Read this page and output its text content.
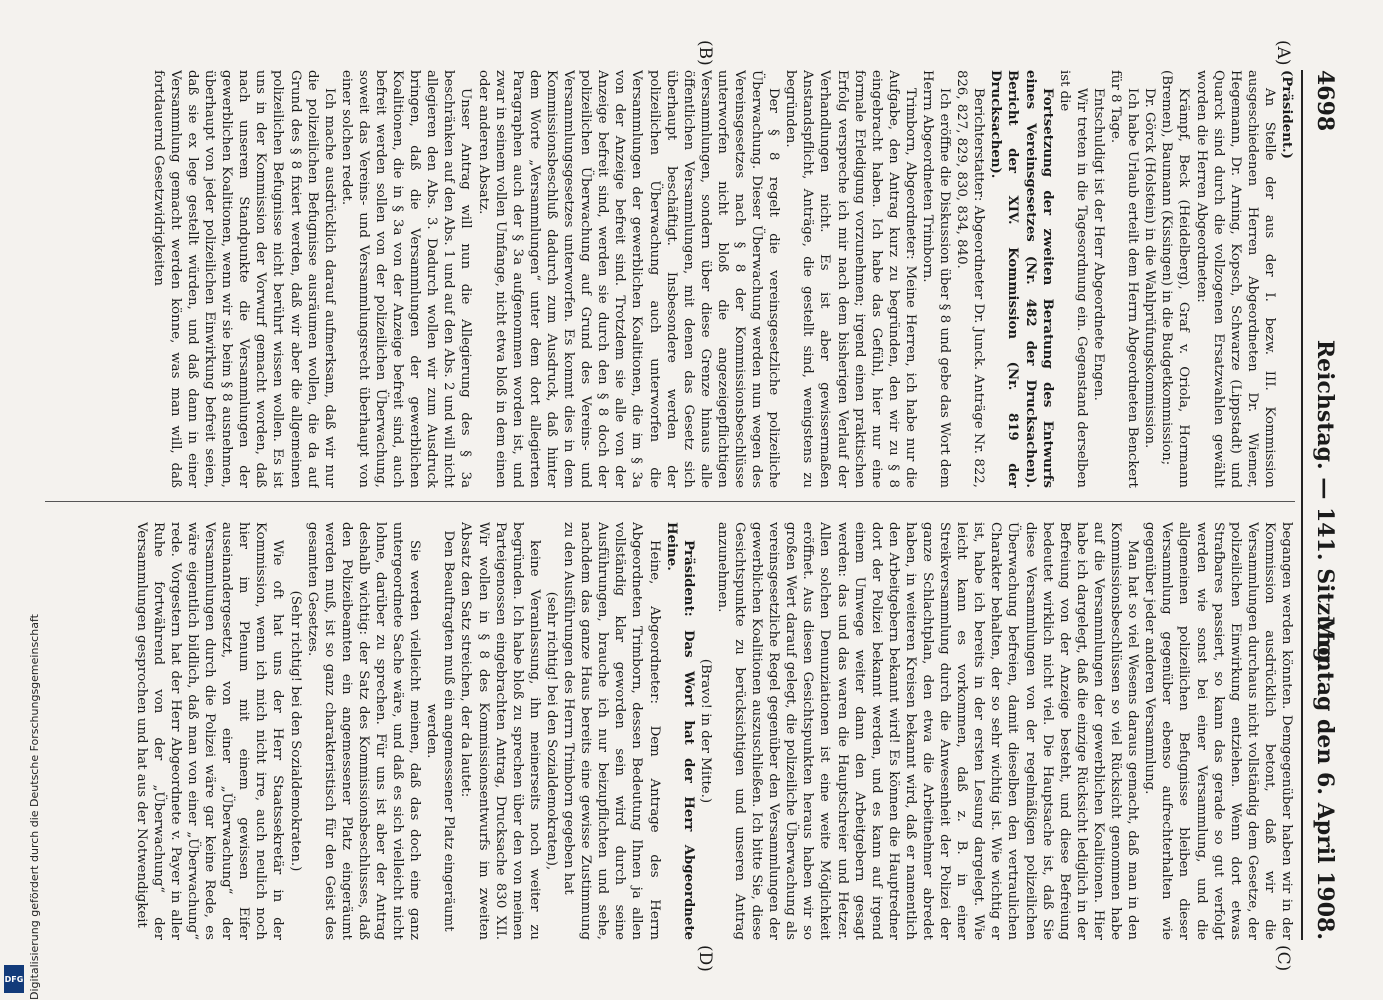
4698
Reichstag. — 141. Sitzung.
Montag den 6. April 1908.
(A)
(B)
(C)
(D)

(Präsident.)

An Stelle der aus der I. bezw. III. Kommission ausgeschiedenen Herren Abgeordneten Dr. Wiemer, Hegemann, Dr. Arning, Kopsch, Schwarze (Lippstadt) und Quarck sind durch die vollzogenen Ersatzwahlen gewählt worden die Herren Abgeordneten:

Krämpf, Beck (Heidelberg), Graf v. Oriola, Hormann (Bremen), Baumann (Kissingen) in die Budgetkommission;

Dr. Görck (Holstein) in die Wahlprüfungskommission.

Ich habe Urlaub erteilt dem Herrn Abgeordneten Benckert für 8 Tage.

Entschuldigt ist der Herr Abgeordnete Engen.

Wir treten in die Tagesordnung ein. Gegenstand derselben ist die

Fortsetzung der zweiten Beratung des Entwurfs eines Vereinsgesetzes (Nr. 482 der Drucksachen). Bericht der XIV. Kommission (Nr. 819 der Drucksachen).

Berichterstatter: Abgeordneter Dr. Junck. Anträge Nr. 822, 826, 827, 829, 830, 834, 840.

Ich eröffne die Diskussion über § 8 und gebe das Wort dem Herrn Abgeordneten Trimborn.

Trimborn, Abgeordneter: Meine Herren, ich habe nur die Aufgabe, den Antrag kurz zu begründen, den wir zu § 8 eingebracht haben. Ich habe das Gefühl, hier nur eine formale Erledigung vorzunehmen; irgend einen praktischen Erfolg verspreche ich mir nach dem bisherigen Verlauf der Verhandlungen nicht. Es ist aber gewissermaßen Anstandspflicht, Anträge, die gestellt sind, wenigstens zu begründen.

Der § 8 regelt die vereinsgesetzliche polizeiliche Überwachung. Dieser Überwachung werden nun wegen des Vereinsgesetzes nach § 8 der Kommissionsbeschlüsse unterworfen nicht bloß die angezeigepflichtigen Versammlungen, sondern über diese Grenze hinaus alle öffentlichen Versammlungen, mit denen das Gesetz sich überhaupt beschäftigt. Insbesondere werden der polizeilichen Überwachung auch unterworfen die Versammlungen der gewerblichen Koalitionen, die im § 3a von der Anzeige befreit sind. Trotzdem sie alle von der Anzeige befreit sind, werden sie durch den § 8 doch der polizeilichen Überwachung auf Grund des Vereins- und Versammlungsgesetzes unterworfen. Es kommt dies in dem Kommissionsbeschluß dadurch zum Ausdruck, daß hinter dem Worte „Versammlungen“ unter dem dort allegierten Paragraphen auch der § 3a aufgenommen worden ist, und zwar in seinem vollen Umfange, nicht etwa bloß in dem einen oder anderen Absatz.

Unser Antrag will nun die Allegierung des § 3a beschränken auf den Abs. 1 und auf den Abs. 2 und will nicht allegieren den Abs. 3. Dadurch wollen wir zum Ausdruck bringen, daß die Versammlungen der gewerblichen Koalitionen, die in § 3a von der Anzeige befreit sind, auch befreit werden sollen von der polizeilichen Überwachung, soweit das Vereins- und Versammlungsrecht überhaupt von einer solchen redet.

Ich mache ausdrücklich darauf aufmerksam, daß wir nur die polizeilichen Befugnisse ausräumen wollen, die da auf Grund des § 8 fixiert werden, daß wir aber die allgemeinen polizeilichen Befugnisse nicht berührt wissen wollen. Es ist uns in der Kommission der Vorwurf gemacht worden, daß nach unserem Standpunkte die Versammlungen der gewerblichen Koalitionen, wenn wir sie beim § 8 ausnehmen, überhaupt von jeder polizeilichen Einwirkung befreit seien, daß sie ex lege gestellt würden, und daß dann in einer Versammlung gemacht werden könne, was man will, daß fortdauernd Gesetzwidrigkeiten

begangen werden könnten. Demgegenüber haben wir in der Kommission ausdrücklich betont, daß wir die Versammlungen durchaus nicht vollständig dem Gesetze, der polizeilichen Einwirkung entziehen. Wenn dort etwas Strafbares passiert, so kann das gerade so gut verfolgt werden wie sonst bei einer Versammlung, und die allgemeinen polizeilichen Befugnisse bleiben dieser Versammlung gegenüber ebenso aufrechterhalten wie gegenüber jeder anderen Versammlung.

Man hat so viel Wesens daraus gemacht, daß man in den Kommissionsbeschlüssen so viel Rücksicht genommen habe auf die Versammlungen der gewerblichen Koalitionen. Hier habe ich dargelegt, daß die einzige Rücksicht lediglich in der Befreiung von der Anzeige besteht, und diese Befreiung bedeutet wirklich nicht viel. Die Hauptsache ist, daß Sie diese Versammlungen von der regelmäßigen polizeilichen Überwachung befreien, damit dieselben den vertraulichen Charakter behalten, der so sehr wichtig ist. Wie wichtig er ist, habe ich bereits in der ersten Lesung dargelegt. Wie leicht kann es vorkommen, daß z. B. in einer Streikversammlung durch die Anwesenheit der Polizei der ganze Schlachtplan, den etwa die Arbeitnehmer abredet haben, in weiteren Kreisen bekannt wird, daß er namentlich den Arbeitgebern bekannt wird! Es können die Hauptredner dort der Polizei bekannt werden, und es kann auf irgend einem Umwege weiter dann den Arbeitgebern gesagt werden: das und das waren die Hauptschreier und Hetzer. Allen solchen Denunziationen ist eine weite Möglichkeit eröffnet. Aus diesen Gesichtspunkten heraus haben wir so großen Wert darauf gelegt, die polizeiliche Überwachung als vereinsgesetzliche Regel gegenüber den Versammlungen der gewerblichen Koalitionen auszuschließen. Ich bitte Sie, diese Gesichtspunkte zu berücksichtigen und unseren Antrag anzunehmen.

(Bravo! in der Mitte.)

Präsident: Das Wort hat der Herr Abgeordnete Heine.

Heine, Abgeordneter: Dem Antrage des Herrn Abgeordneten Trimborn, dessen Bedeutung Ihnen ja allen vollständig klar geworden sein wird durch seine Ausführungen, brauche ich nur beizupflichten und sehe, nachdem das ganze Haus bereits eine gewisse Zustimmung zu den Ausführungen des Herrn Trimborn gegeben hat

(sehr richtig! bei den Sozialdemokraten),

keine Veranlassung, ihn meinerseits noch weiter zu begründen. Ich habe bloß zu sprechen über den von meinen Parteigenossen eingebrachten Antrag, Drucksache 830 XII. Wir wollen in § 8 des Kommissionsentwurfs im zweiten Absatz den Satz streichen, der da lautet:

Den Beauftragten muß ein angemessener Platz eingeräumt werden.

Sie werden vielleicht meinen, daß das doch eine ganz untergeordnete Sache wäre, und daß es sich vielleicht nicht lohne, darüber zu sprechen. Für uns ist aber der Antrag deshalb wichtig: der Satz des Kommissionsbeschlusses, daß den Polizeibeamten ein angemessener Platz eingeräumt werden muß, ist so ganz charakteristisch für den Geist des gesamten Gesetzes.

(Sehr richtig! bei den Sozialdemokraten.)

Wie oft hat uns der Herr Staatssekretär in der Kommission, wenn ich mich nicht irre, auch neulich noch hier im Plenum mit einem gewissen Eifer auseinandergesetzt, von einer „Überwachung“ der Versammlungen durch die Polizei wäre gar keine Rede, es wäre eigentlich bildlich, daß man von einer „Überwachung“ rede. Vorgestern hat der Herr Abgeordnete v. Payer in aller Ruhe fortwährend von der „Überwachung“ der Versammlungen gesprochen und hat aus der Notwendigkeit

Digitalisierung gefördert durch die Deutsche Forschungsgemeinschaft
DFG
